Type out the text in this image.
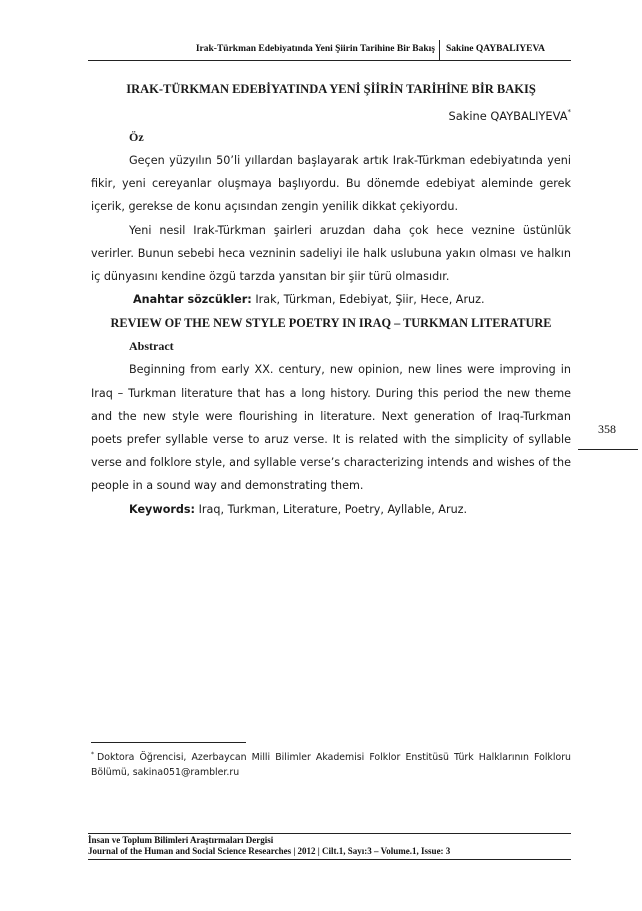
Irak-Türkman Edebiyatında Yeni Şiirin Tarihine Bir Bakış Sakine QAYBALIYEVA
IRAK-TÜRKMAN EDEBİYATINDA YENİ ŞİİRİN TARİHİNE BİR BAKIŞ

Sakine QAYBALIYEVA*

Öz

Geçen yüzyılın 50’li yıllardan başlayarak artık Irak-Türkman edebiyatında yeni fikir, yeni cereyanlar oluşmaya başlıyordu. Bu dönemde edebiyat aleminde gerek içerik, gerekse de konu açısından zengin yenilik dikkat çekiyordu.

Yeni nesil Irak-Türkman şairleri aruzdan daha çok hece veznine üstünlük verirler. Bunun sebebi heca vezninin sadeliyi ile halk uslubuna yakın olması ve halkın iç dünyasını kendine özgü tarzda yansıtan bir şiir türü olmasıdır.

Anahtar sözcükler: Irak, Türkman, Edebiyat, Şiir, Hece, Aruz.

REVIEW OF THE NEW STYLE POETRY IN IRAQ – TURKMAN LITERATURE

Abstract

Beginning from early XX. century, new opinion, new lines were improving in Iraq – Turkman literature that has a long history. During this period the new theme and the new style were flourishing in literature. Next generation of Iraq-Turkman poets prefer syllable verse to aruz verse. It is related with the simplicity of syllable verse and folklore style, and syllable verse’s characterizing intends and wishes of the people in a sound way and demonstrating them.

Keywords: Iraq, Turkman, Literature, Poetry, Ayllable, Aruz.

358
* Doktora Öğrencisi, Azerbaycan Milli Bilimler Akademisi Folklor Enstitüsü Türk Halklarının Folkloru Bölümü, sakina051@rambler.ru
İnsan ve Toplum Bilimleri Araştırmaları Dergisi
Journal of the Human and Social Science Researches | 2012 | Cilt.1, Sayı:3 – Volume.1, Issue: 3
